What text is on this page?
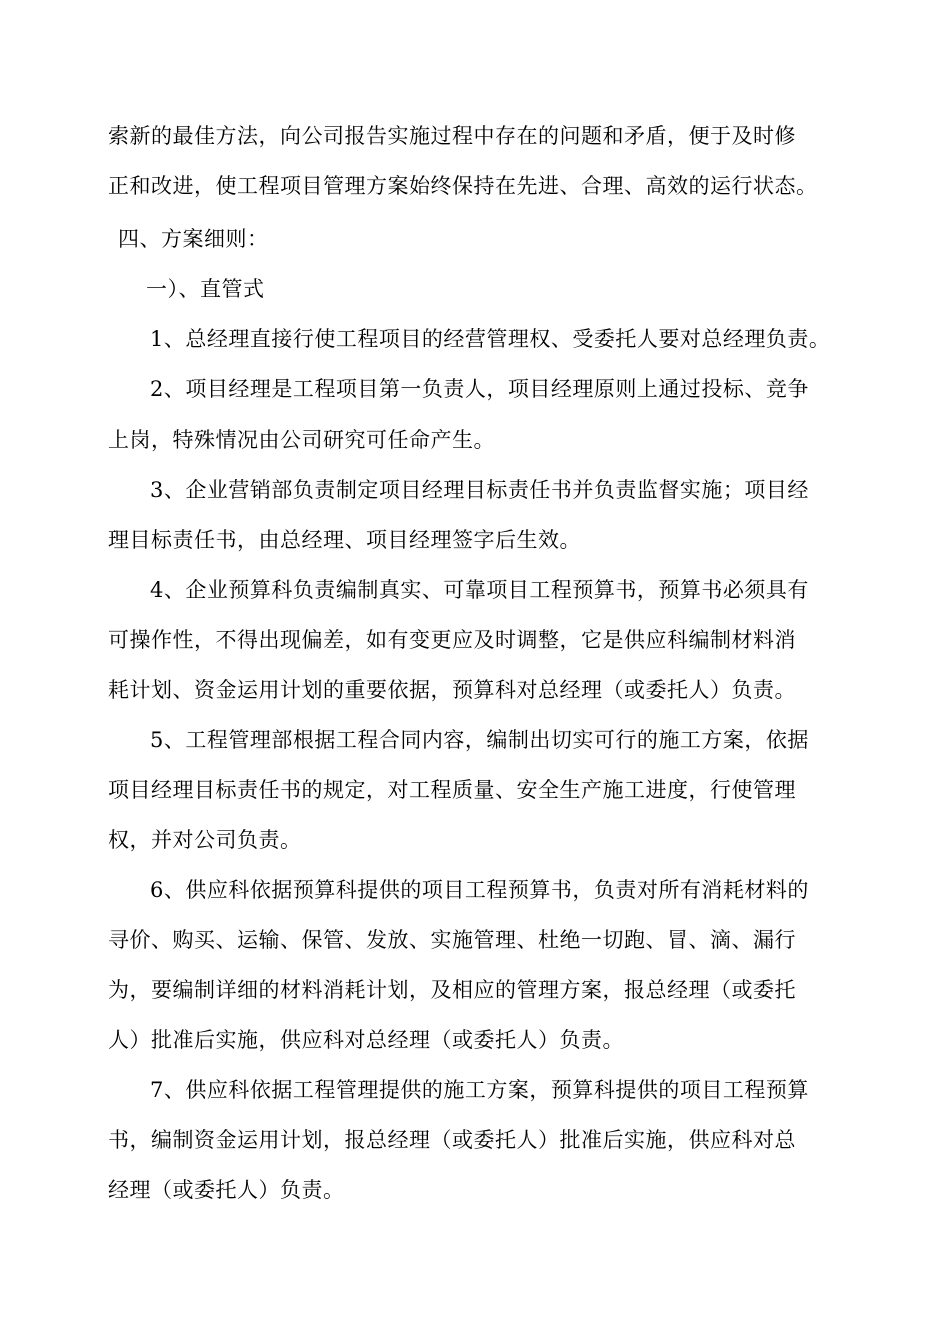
索新的最佳方法，向公司报告实施过程中存在的问题和矛盾，便于及时修
正和改进，使工程项目管理方案始终保持在先进、合理、高效的运行状态。
四、方案细则：
一）、直管式
1、总经理直接行使工程项目的经营管理权、受委托人要对总经理负责。
2、项目经理是工程项目第一负责人，项目经理原则上通过投标、竞争
上岗，特殊情况由公司研究可任命产生。
3、企业营销部负责制定项目经理目标责任书并负责监督实施；项目经
理目标责任书，由总经理、项目经理签字后生效。
4、企业预算科负责编制真实、可靠项目工程预算书，预算书必须具有
可操作性，不得出现偏差，如有变更应及时调整，它是供应科编制材料消
耗计划、资金运用计划的重要依据，预算科对总经理（或委托人）负责。
5、工程管理部根据工程合同内容，编制出切实可行的施工方案，依据
项目经理目标责任书的规定，对工程质量、安全生产施工进度，行使管理
权，并对公司负责。
6、供应科依据预算科提供的项目工程预算书，负责对所有消耗材料的
寻价、购买、运输、保管、发放、实施管理、杜绝一切跑、冒、滴、漏行
为，要编制详细的材料消耗计划，及相应的管理方案，报总经理（或委托
人）批准后实施，供应科对总经理（或委托人）负责。
7、供应科依据工程管理提供的施工方案，预算科提供的项目工程预算
书，编制资金运用计划，报总经理（或委托人）批准后实施，供应科对总
经理（或委托人）负责。
